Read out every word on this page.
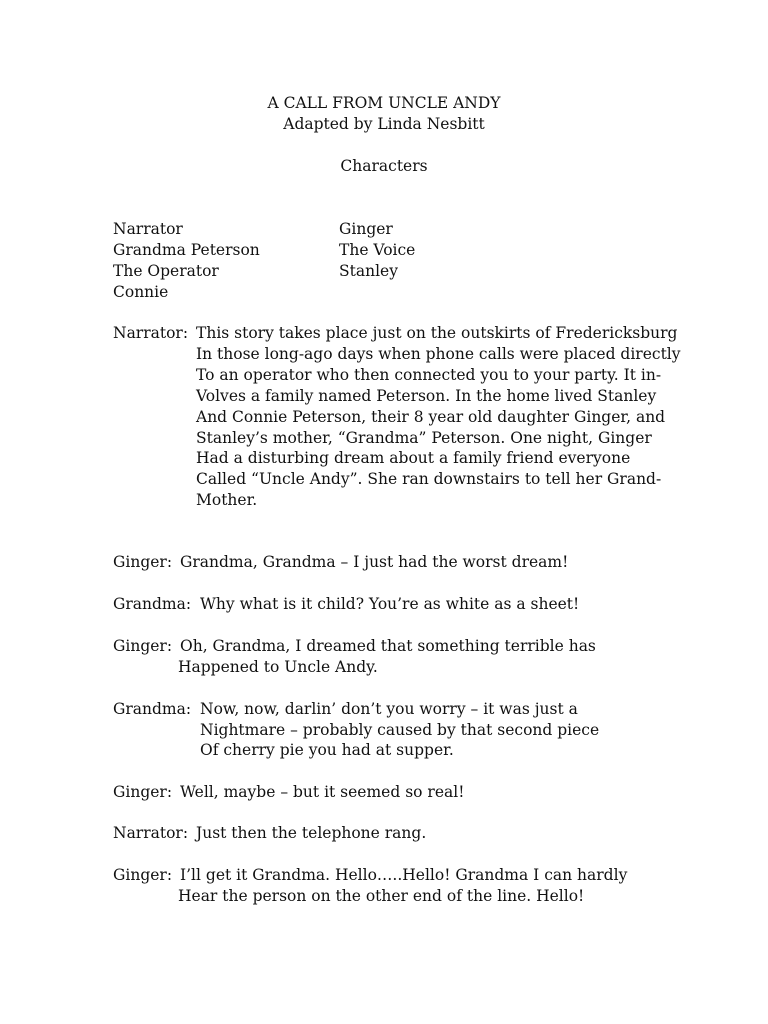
A CALL FROM UNCLE ANDY
Adapted by Linda Nesbitt
Characters
Narrator
Grandma Peterson
The Operator
Connie
Ginger
The Voice
Stanley
Narrator: This story takes place just on the outskirts of Fredericksburg
In those long-ago days when phone calls were placed directly
To an operator who then connected you to your party. It in-
Volves a family named Peterson. In the home lived Stanley
And Connie Peterson, their 8 year old daughter Ginger, and
Stanley’s mother, “Grandma” Peterson. One night, Ginger
Had a disturbing dream about a family friend everyone
Called “Uncle Andy”. She ran downstairs to tell her Grand-
Mother.
Ginger: Grandma, Grandma – I just had the worst dream!
Grandma: Why what is it child? You’re as white as a sheet!
Ginger: Oh, Grandma, I dreamed that something terrible has
Happened to Uncle Andy.
Grandma: Now, now, darlin’ don’t you worry – it was just a
Nightmare – probably caused by that second piece
Of cherry pie you had at supper.
Ginger: Well, maybe – but it seemed so real!
Narrator: Just then the telephone rang.
Ginger: I’ll get it Grandma. Hello…..Hello! Grandma I can hardly
Hear the person on the other end of the line. Hello!
